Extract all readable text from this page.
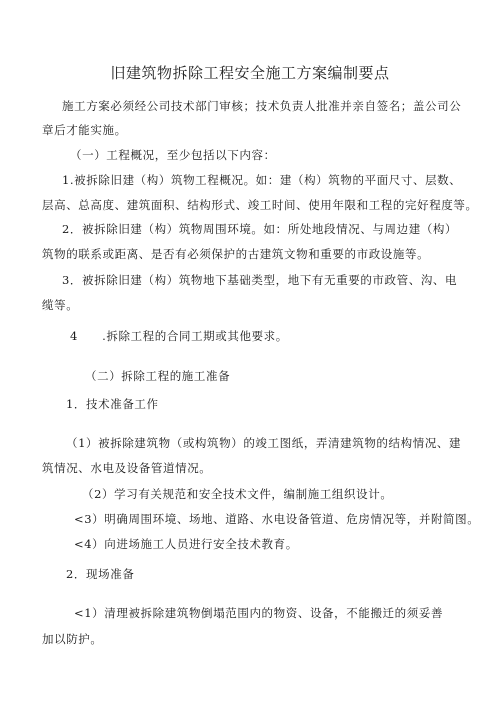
旧建筑物拆除工程安全施工方案编制要点
施工方案必须经公司技术部门审核；技术负责人批准并亲自签名；盖公司公
章后才能实施。
（一）工程概况，至少包括以下内容：
1.被拆除旧建（构）筑物工程概况。如：建（构）筑物的平面尺寸、层数、
层高、总高度、建筑面积、结构形式、竣工时间、使用年限和工程的完好程度等。
2．被拆除旧建（构）筑物周围环境。如：所处地段情况、与周边建（构）
筑物的联系或距离、是否有必须保护的古建筑文物和重要的市政设施等。
3．被拆除旧建（构）筑物地下基础类型，地下有无重要的市政管、沟、电
缆等。
4　　.拆除工程的合同工期或其他要求。
（二）拆除工程的施工准备
1．技术准备工作
（1）被拆除建筑物（或构筑物）的竣工图纸，弄清建筑物的结构情况、建
筑情况、水电及设备管道情况。
（2）学习有关规范和安全技术文件，编制施工组织设计。
<3）明确周围环境、场地、道路、水电设备管道、危房情况等，并附简图。
<4）向进场施工人员进行安全技术教育。
2．现场准备
<1）清理被拆除建筑物倒塌范围内的物资、设备，不能搬迁的须妥善
加以防护。
